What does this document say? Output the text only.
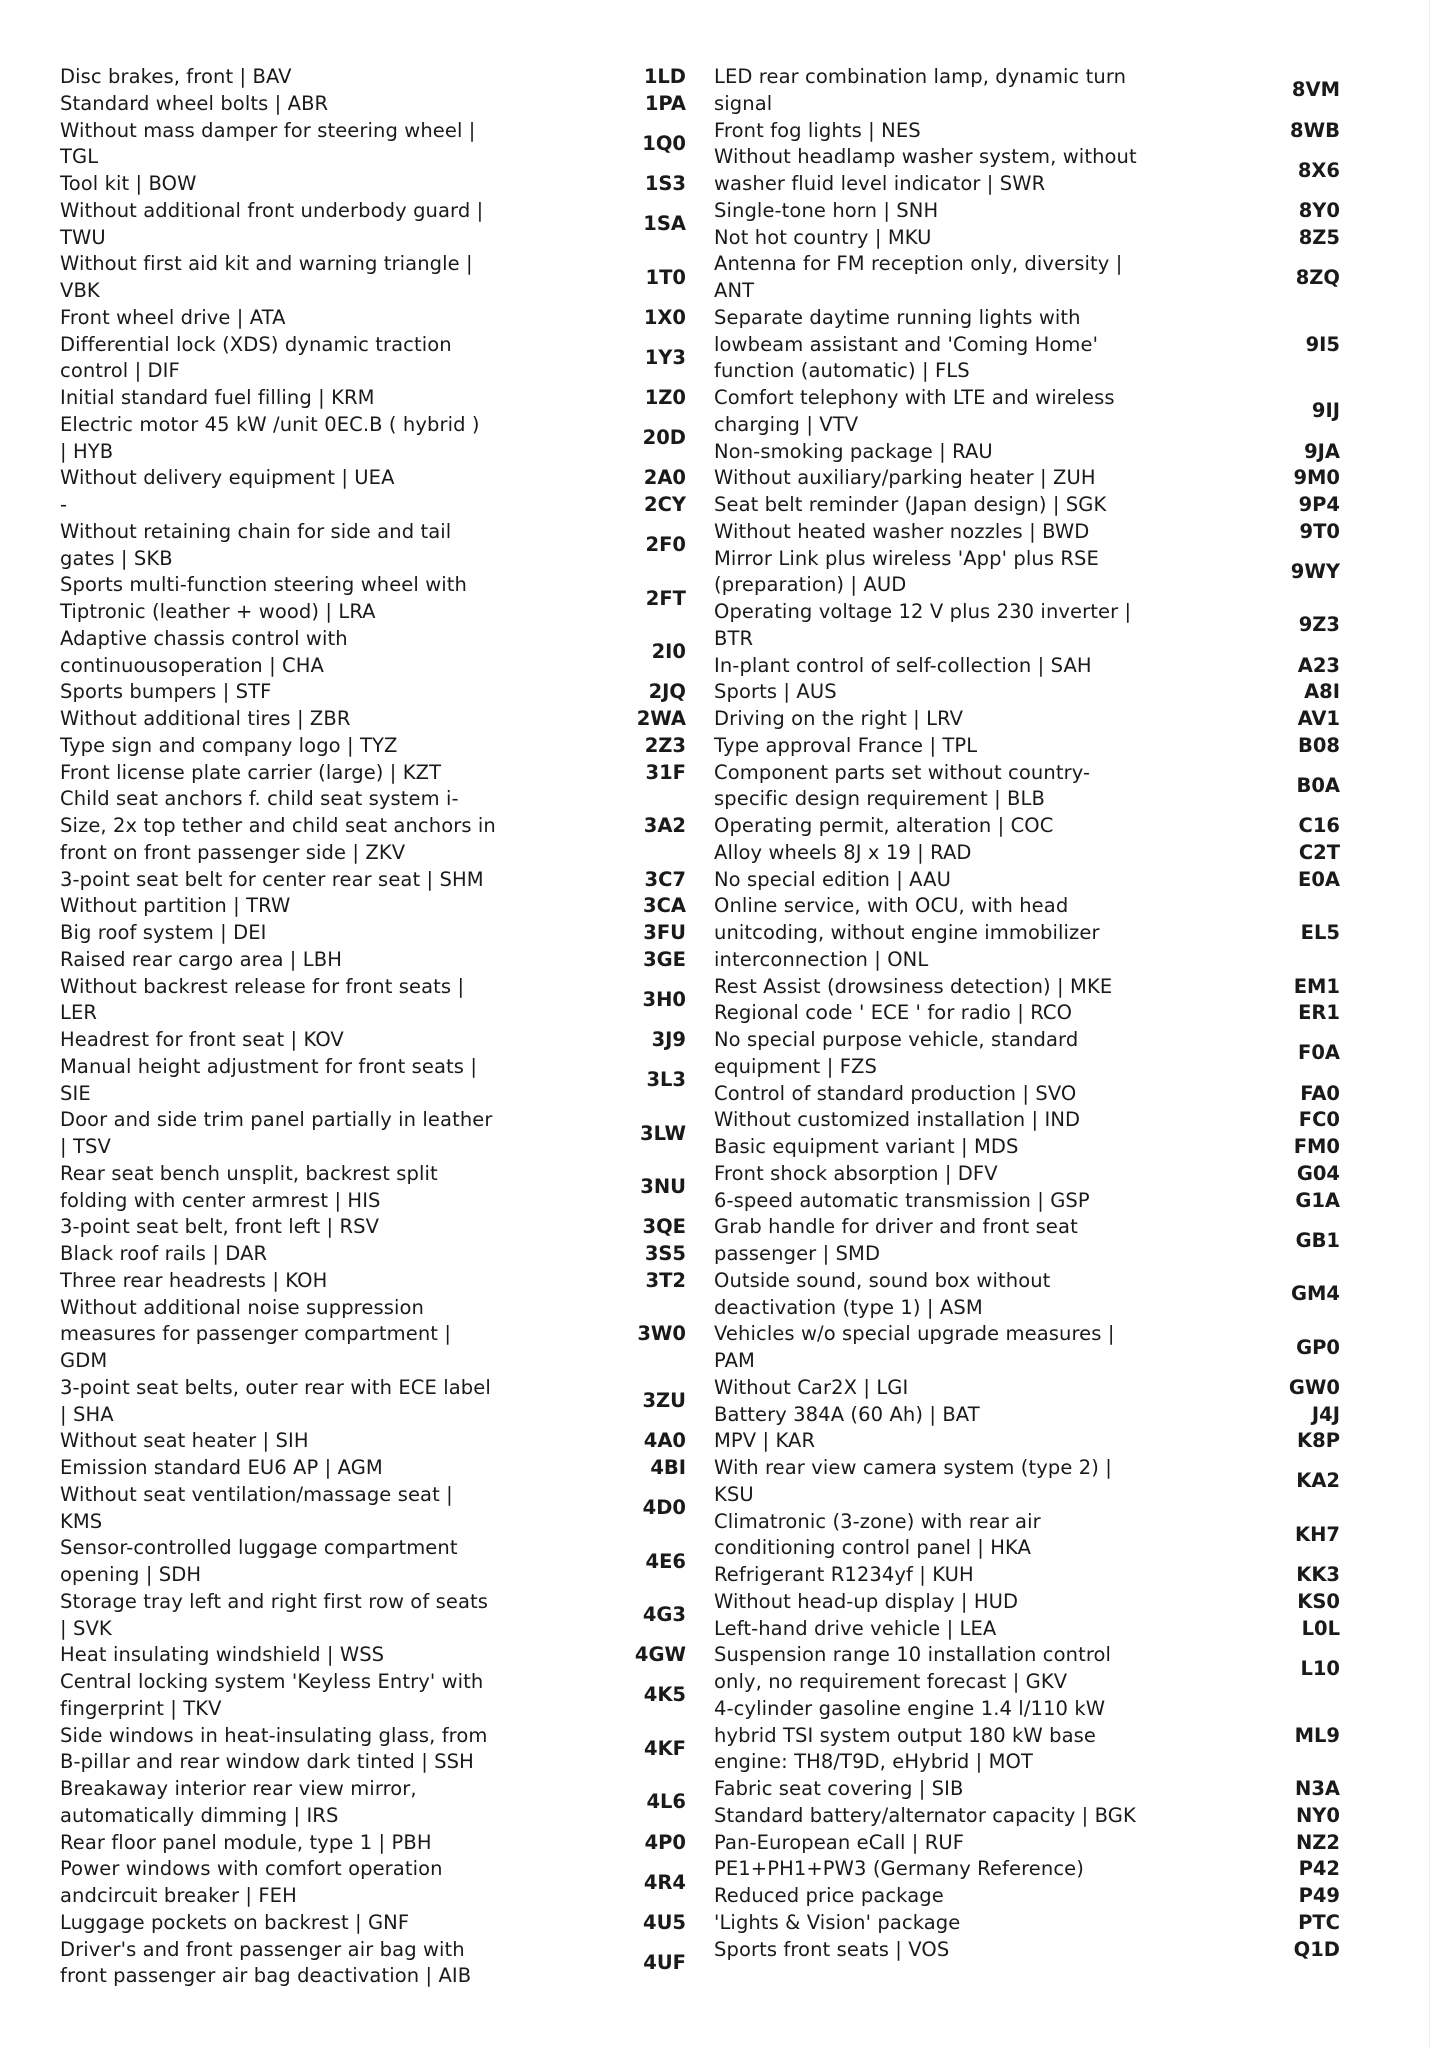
Disc brakes, front | BAV
Standard wheel bolts | ABR
Without mass damper for steering wheel |
TGL
Tool kit | BOW
Without additional front underbody guard |
TWU
Without first aid kit and warning triangle |
VBK
Front wheel drive | ATA
Differential lock (XDS) dynamic traction
control | DIF
Initial standard fuel filling | KRM
Electric motor 45 kW /unit 0EC.B ( hybrid )
| HYB
Without delivery equipment | UEA
-
Without retaining chain for side and tail
gates | SKB
Sports multi-function steering wheel with
Tiptronic (leather + wood) | LRA
Adaptive chassis control with
continuousoperation | CHA
Sports bumpers | STF
Without additional tires | ZBR
Type sign and company logo | TYZ
Front license plate carrier (large) | KZT
Child seat anchors f. child seat system i-
Size, 2x top tether and child seat anchors in
front on front passenger side | ZKV
3-point seat belt for center rear seat | SHM
Without partition | TRW
Big roof system | DEI
Raised rear cargo area | LBH
Without backrest release for front seats |
LER
Headrest for front seat | KOV
Manual height adjustment for front seats |
SIE
Door and side trim panel partially in leather
| TSV
Rear seat bench unsplit, backrest split
folding with center armrest | HIS
3-point seat belt, front left | RSV
Black roof rails | DAR
Three rear headrests | KOH
Without additional noise suppression
measures for passenger compartment |
GDM
3-point seat belts, outer rear with ECE label
| SHA
Without seat heater | SIH
Emission standard EU6 AP | AGM
Without seat ventilation/massage seat |
KMS
Sensor-controlled luggage compartment
opening | SDH
Storage tray left and right first row of seats
| SVK
Heat insulating windshield | WSS
Central locking system 'Keyless Entry' with
fingerprint | TKV
Side windows in heat-insulating glass, from
B-pillar and rear window dark tinted | SSH
Breakaway interior rear view mirror,
automatically dimming | IRS
Rear floor panel module, type 1 | PBH
Power windows with comfort operation
andcircuit breaker | FEH
Luggage pockets on backrest | GNF
Driver's and front passenger air bag with
front passenger air bag deactivation | AIB
1LD
1PA
1Q0
1S3
1SA
1T0
1X0
1Y3
1Z0
20D
2A0
2CY
2F0
2FT
2I0
2JQ
2WA
2Z3
31F
3A2
3C7
3CA
3FU
3GE
3H0
3J9
3L3
3LW
3NU
3QE
3S5
3T2
3W0
3ZU
4A0
4BI
4D0
4E6
4G3
4GW
4K5
4KF
4L6
4P0
4R4
4U5
4UF
LED rear combination lamp, dynamic turn
signal
Front fog lights | NES
Without headlamp washer system, without
washer fluid level indicator | SWR
Single-tone horn | SNH
Not hot country | MKU
Antenna for FM reception only, diversity |
ANT
Separate daytime running lights with
lowbeam assistant and 'Coming Home'
function (automatic) | FLS
Comfort telephony with LTE and wireless
charging | VTV
Non-smoking package | RAU
Without auxiliary/parking heater | ZUH
Seat belt reminder (Japan design) | SGK
Without heated washer nozzles | BWD
Mirror Link plus wireless 'App' plus RSE
(preparation) | AUD
Operating voltage 12 V plus 230 inverter |
BTR
In-plant control of self-collection | SAH
Sports | AUS
Driving on the right | LRV
Type approval France | TPL
Component parts set without country-
specific design requirement | BLB
Operating permit, alteration | COC
Alloy wheels 8J x 19 | RAD
No special edition | AAU
Online service, with OCU, with head
unitcoding, without engine immobilizer
interconnection | ONL
Rest Assist (drowsiness detection) | MKE
Regional code ' ECE ' for radio | RCO
No special purpose vehicle, standard
equipment | FZS
Control of standard production | SVO
Without customized installation | IND
Basic equipment variant | MDS
Front shock absorption | DFV
6-speed automatic transmission | GSP
Grab handle for driver and front seat
passenger | SMD
Outside sound, sound box without
deactivation (type 1) | ASM
Vehicles w/o special upgrade measures |
PAM
Without Car2X | LGI
Battery 384A (60 Ah) | BAT
MPV | KAR
With rear view camera system (type 2) |
KSU
Climatronic (3-zone) with rear air
conditioning control panel | HKA
Refrigerant R1234yf | KUH
Without head-up display | HUD
Left-hand drive vehicle | LEA
Suspension range 10 installation control
only, no requirement forecast | GKV
4-cylinder gasoline engine 1.4 l/110 kW
hybrid TSI system output 180 kW base
engine: TH8/T9D, eHybrid | MOT
Fabric seat covering | SIB
Standard battery/alternator capacity | BGK
Pan-European eCall | RUF
PE1+PH1+PW3 (Germany Reference)
Reduced price package
'Lights & Vision' package
Sports front seats | VOS
8VM
8WB
8X6
8Y0
8Z5
8ZQ
9I5
9IJ
9JA
9M0
9P4
9T0
9WY
9Z3
A23
A8I
AV1
B08
B0A
C16
C2T
E0A
EL5
EM1
ER1
F0A
FA0
FC0
FM0
G04
G1A
GB1
GM4
GP0
GW0
J4J
K8P
KA2
KH7
KK3
KS0
L0L
L10
ML9
N3A
NY0
NZ2
P42
P49
PTC
Q1D
